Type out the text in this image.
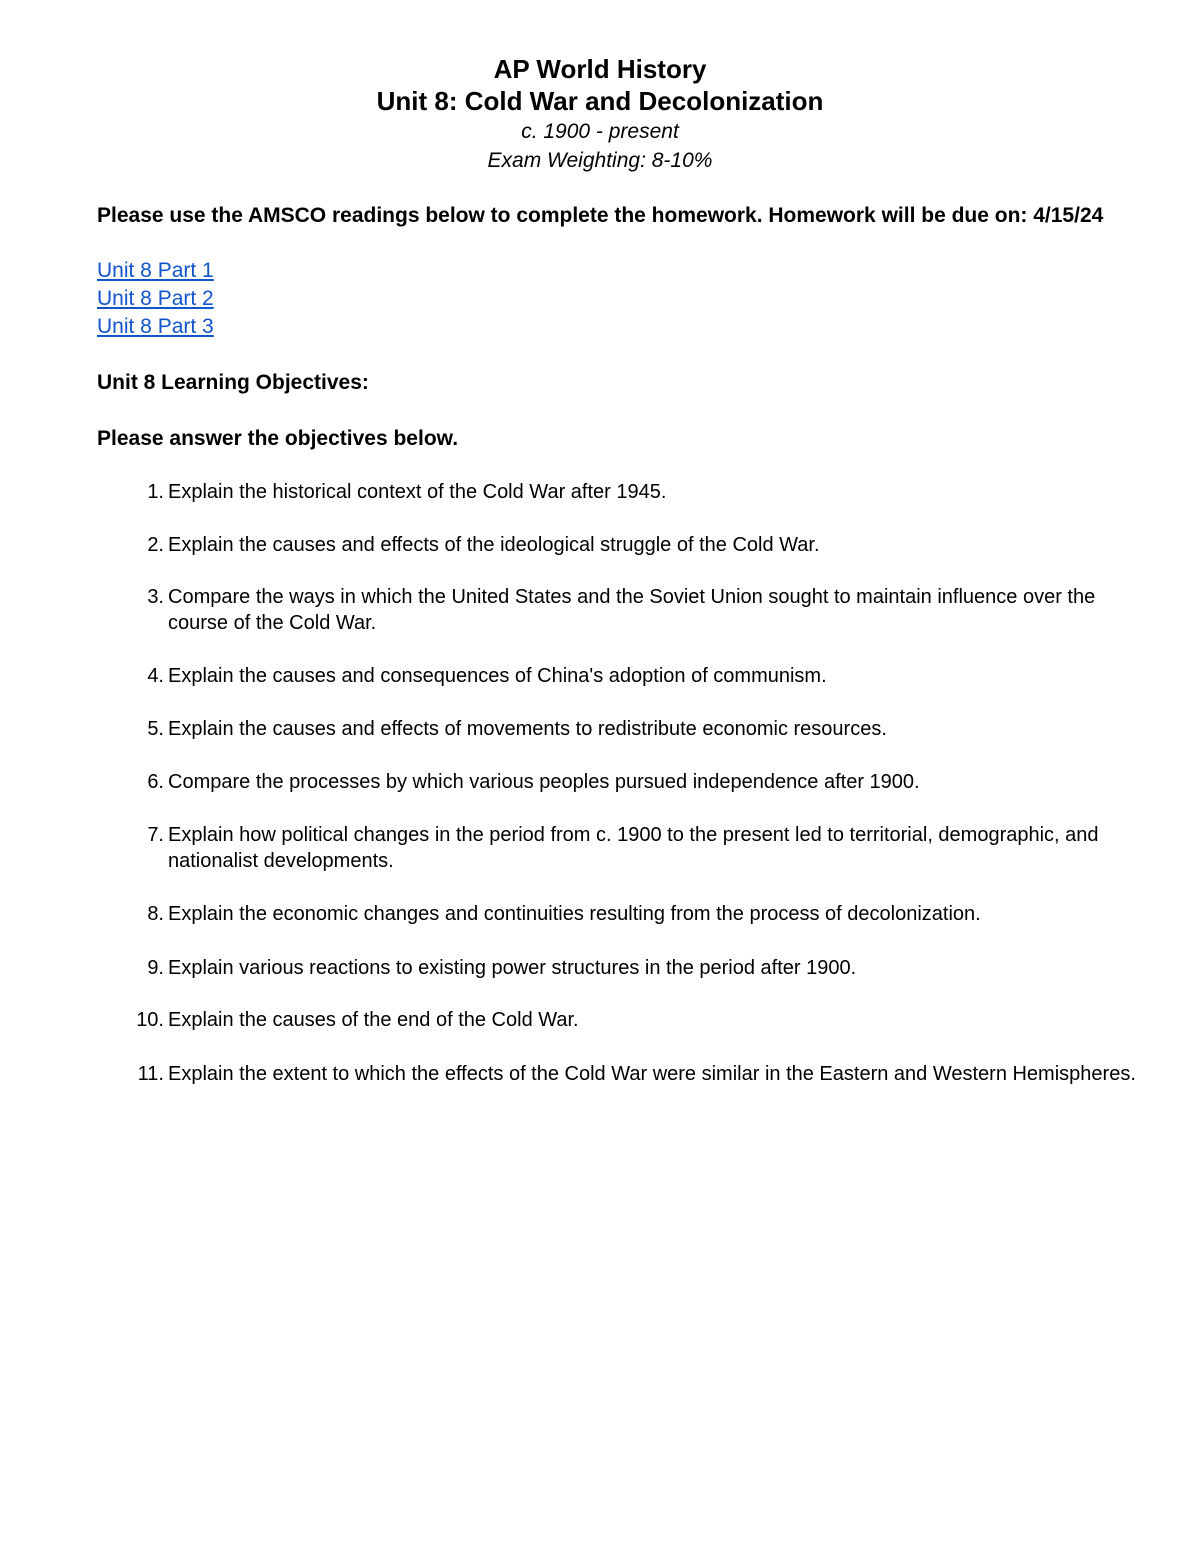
AP World History

Unit 8: Cold War and Decolonization

c. 1900 - present

Exam Weighting: 8-10%

Please use the AMSCO readings below to complete the homework. Homework will be due on: 4/15/24

Unit 8 Part 1
Unit 8 Part 2
Unit 8 Part 3

Unit 8 Learning Objectives:

Please answer the objectives below.

1. Explain the historical context of the Cold War after 1945.
2. Explain the causes and effects of the ideological struggle of the Cold War.
3. Compare the ways in which the United States and the Soviet Union sought to maintain influence over the course of the Cold War.
4. Explain the causes and consequences of China's adoption of communism.
5. Explain the causes and effects of movements to redistribute economic resources.
6. Compare the processes by which various peoples pursued independence after 1900.
7. Explain how political changes in the period from c. 1900 to the present led to territorial, demographic, and nationalist developments.
8. Explain the economic changes and continuities resulting from the process of decolonization.
9. Explain various reactions to existing power structures in the period after 1900.
10. Explain the causes of the end of the Cold War.
11. Explain the extent to which the effects of the Cold War were similar in the Eastern and Western Hemispheres.
